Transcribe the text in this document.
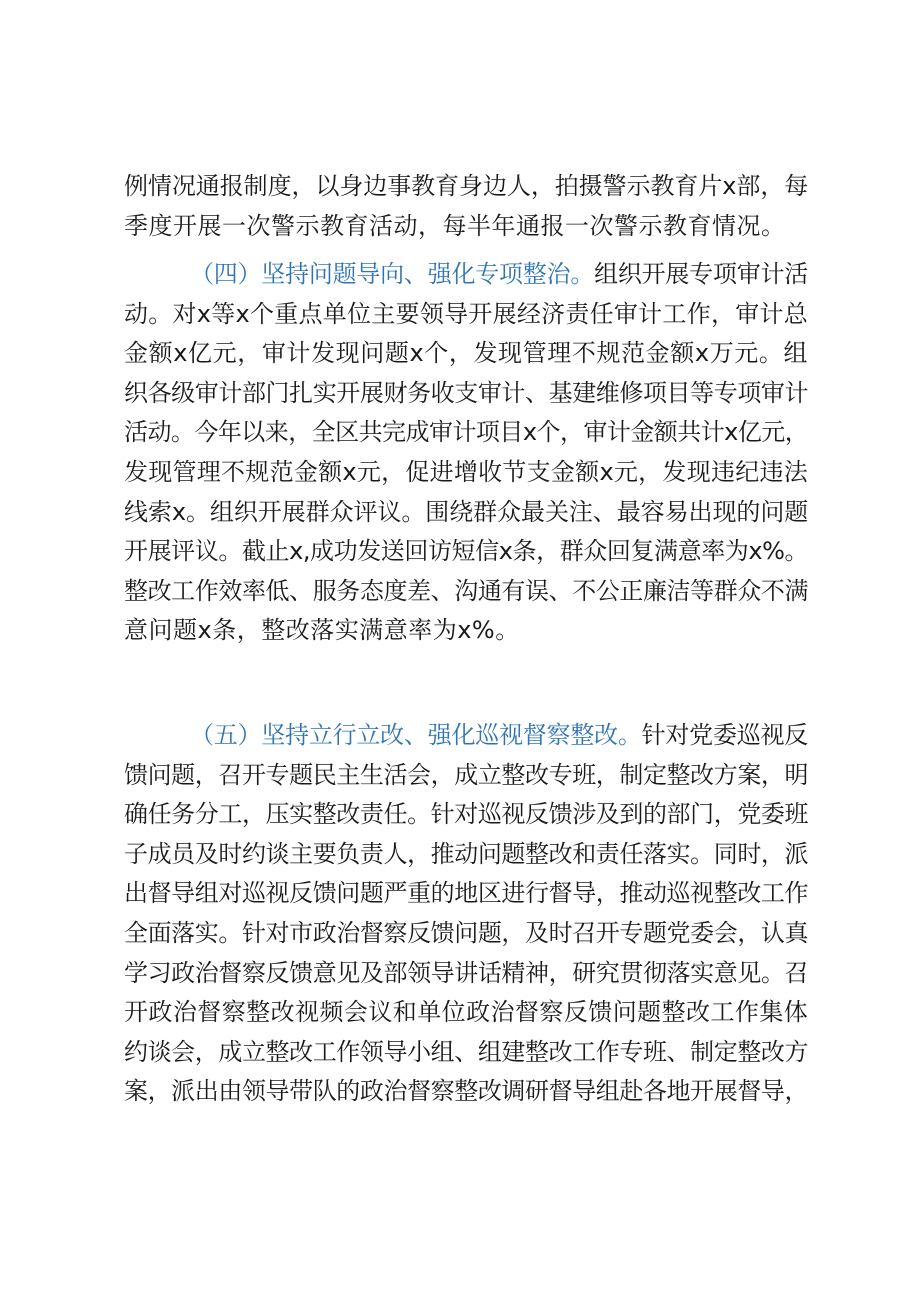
例情况通报制度，以身边事教育身边人，拍摄警示教育片x部，每
季度开展一次警示教育活动，每半年通报一次警示教育情况。
（四）坚持问题导向、强化专项整治。组织开展专项审计活
动。对x等x个重点单位主要领导开展经济责任审计工作，审计总
金额x亿元，审计发现问题x个，发现管理不规范金额x万元。组
织各级审计部门扎实开展财务收支审计、基建维修项目等专项审计
活动。今年以来，全区共完成审计项目x个，审计金额共计x亿元，
发现管理不规范金额x元，促进增收节支金额x元，发现违纪违法
线索x。组织开展群众评议。围绕群众最关注、最容易出现的问题
开展评议。截止x,成功发送回访短信x条，群众回复满意率为x%。
整改工作效率低、服务态度差、沟通有误、不公正廉洁等群众不满
意问题x条，整改落实满意率为x%。
（五）坚持立行立改、强化巡视督察整改。针对党委巡视反
馈问题，召开专题民主生活会，成立整改专班，制定整改方案，明
确任务分工，压实整改责任。针对巡视反馈涉及到的部门，党委班
子成员及时约谈主要负责人，推动问题整改和责任落实。同时，派
出督导组对巡视反馈问题严重的地区进行督导，推动巡视整改工作
全面落实。针对市政治督察反馈问题，及时召开专题党委会，认真
学习政治督察反馈意见及部领导讲话精神，研究贯彻落实意见。召
开政治督察整改视频会议和单位政治督察反馈问题整改工作集体
约谈会，成立整改工作领导小组、组建整改工作专班、制定整改方
案，派出由领导带队的政治督察整改调研督导组赴各地开展督导，
